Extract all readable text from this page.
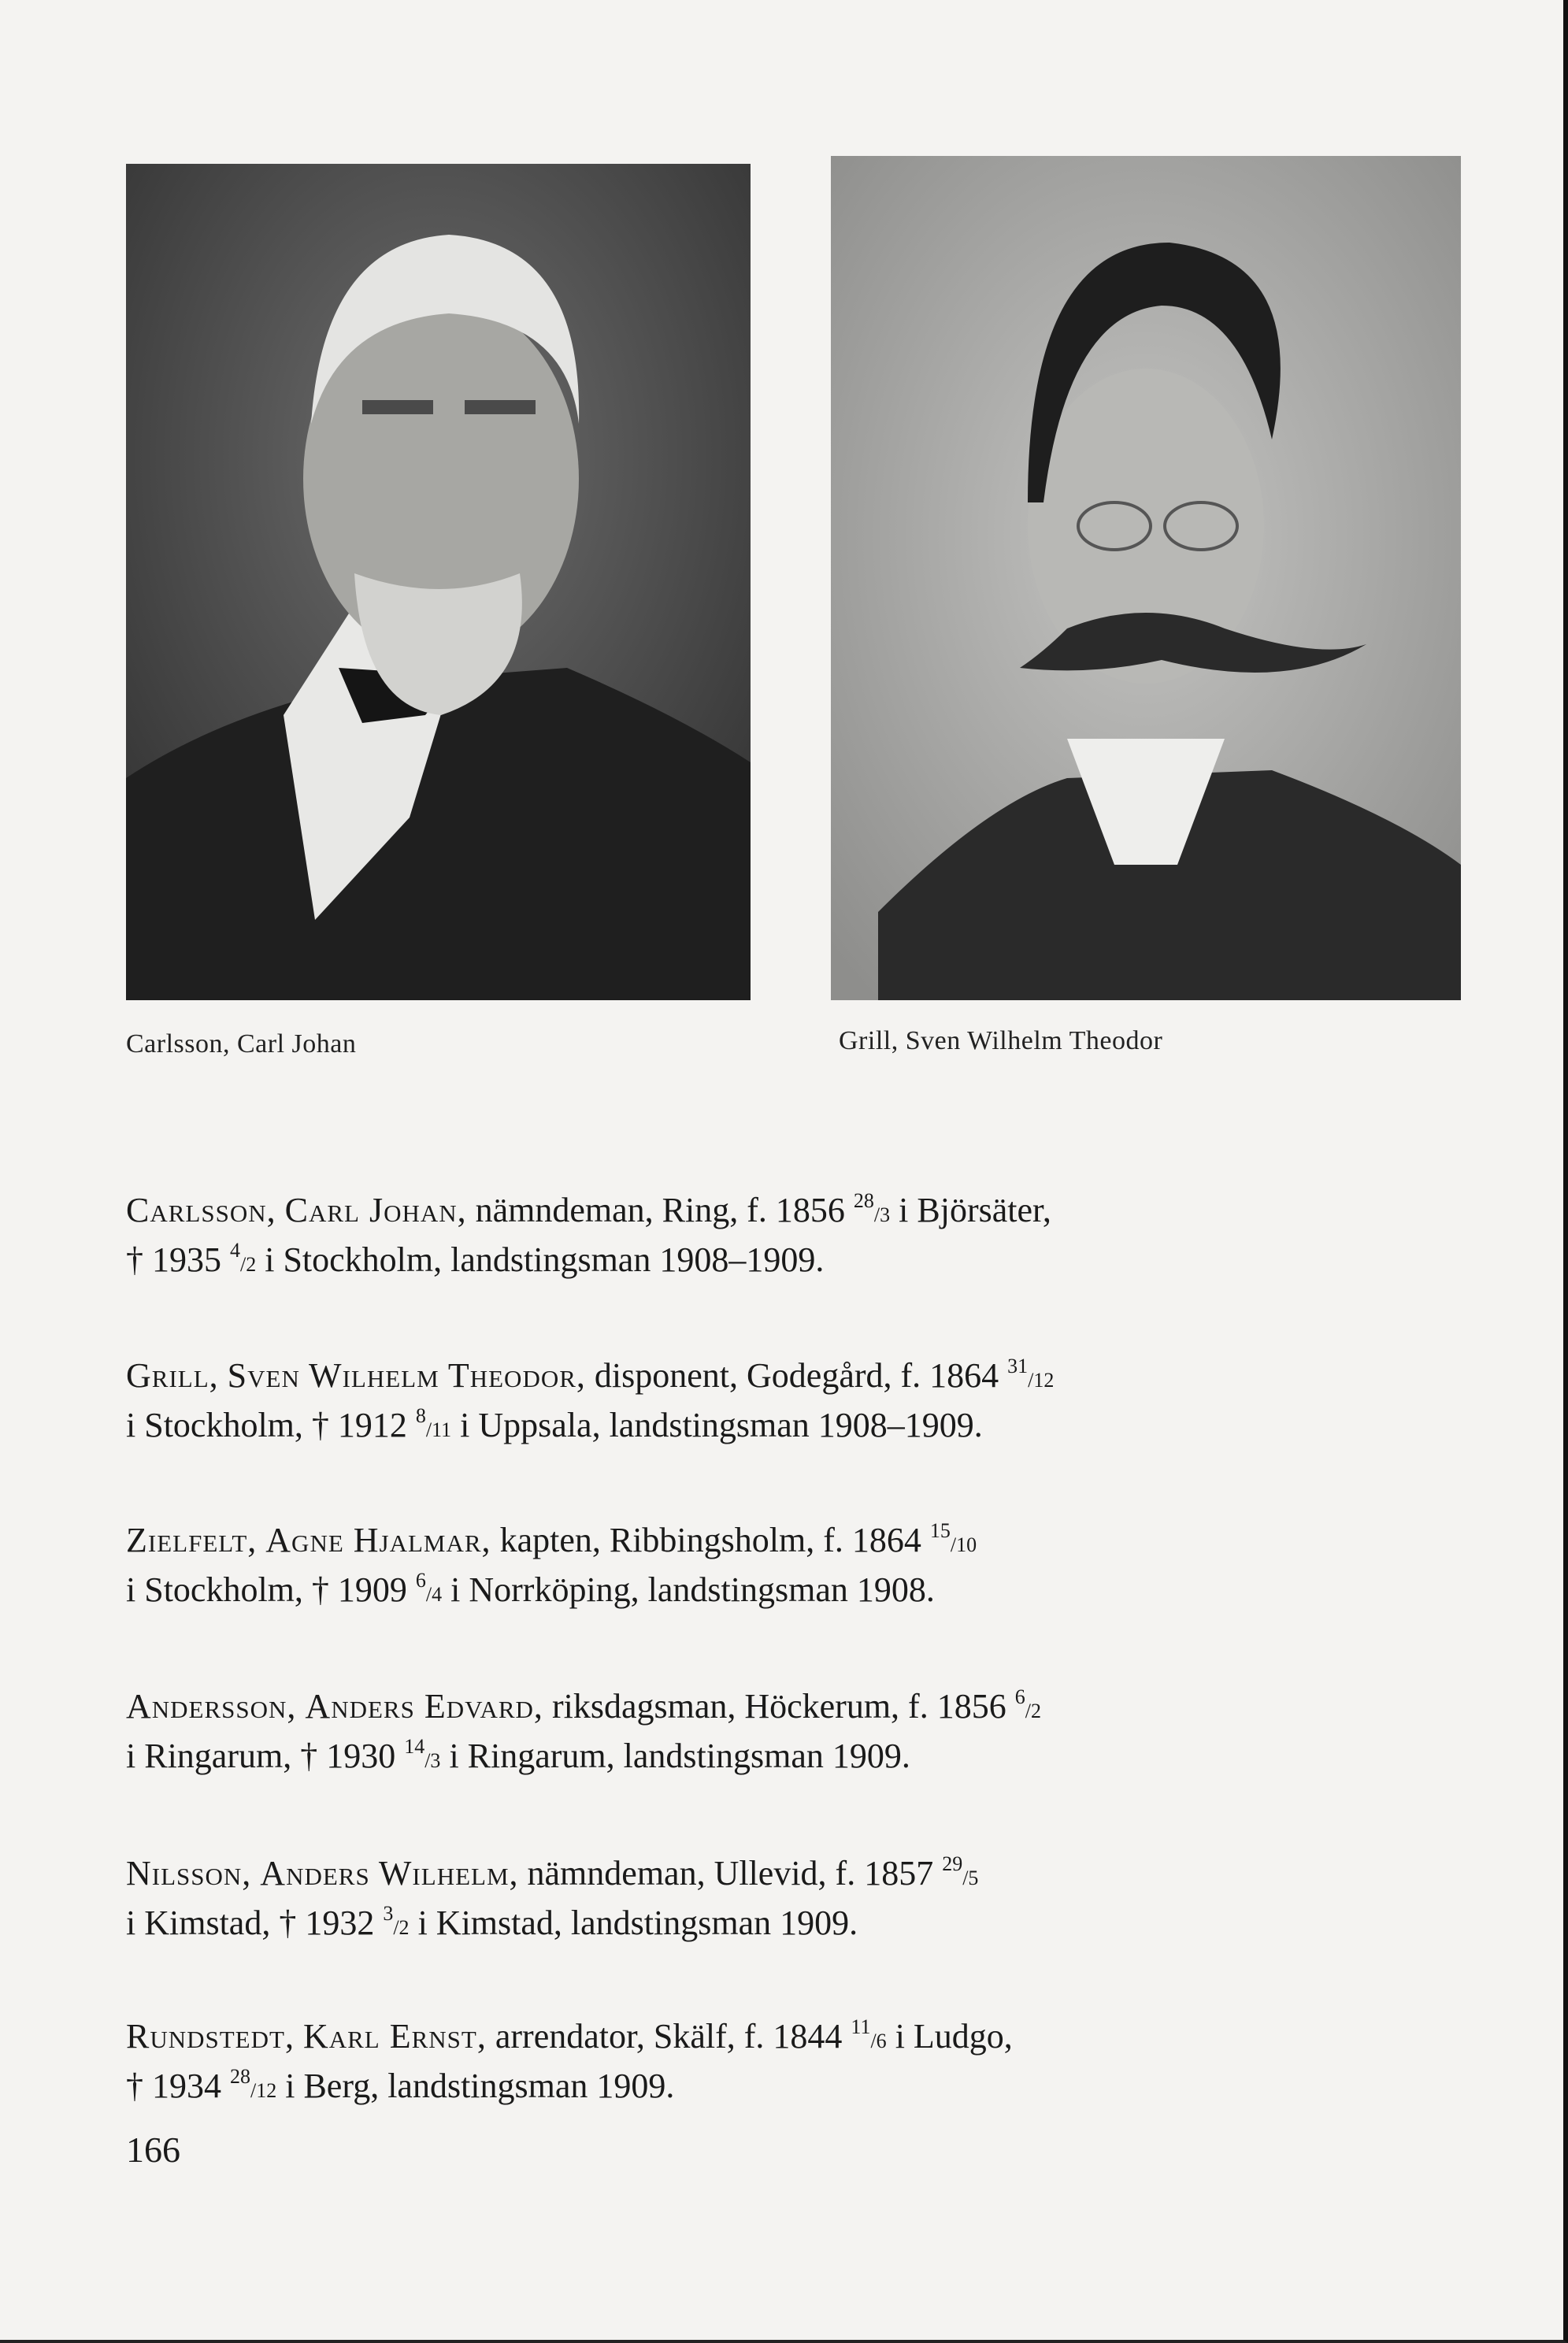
Carlsson, Carl Johan	Grill, Sven Wilhelm Theodor
Carlsson, Carl Johan, nämndeman, Ring, f. 1856 $^{28}$/3 i Björsäter,
† 1935 $^4$/2 i Stockholm, landstingsman 1908–1909.
Grill, Sven Wilhelm Theodor, disponent, Godegård, f. 1864 $^{31}$/12
i Stockholm, † 1912 $^8$/11 i Uppsala, landstingsman 1908–1909.
Zielfelt, Agne Hjalmar, kapten, Ribbingsholm, f. 1864 $^{15}$/10
i Stockholm, † 1909 $^6$/4 i Norrköping, landstingsman 1908.
Andersson, Anders Edvard, riksdagsman, Höckerum, f. 1856 $^6$/2
i Ringarum, † 1930 $^{14}$/3 i Ringarum, landstingsman 1909.
Nilsson, Anders Wilhelm, nämndeman, Ullevid, f. 1857 $^{29}$/5
i Kimstad, † 1932 $^3$/2 i Kimstad, landstingsman 1909.
Rundstedt, Karl Ernst, arrendator, Skälf, f. 1844 $^{11}$/6 i Ludgo,
† 1934 $^{28}$/12 i Berg, landstingsman 1909.
166
